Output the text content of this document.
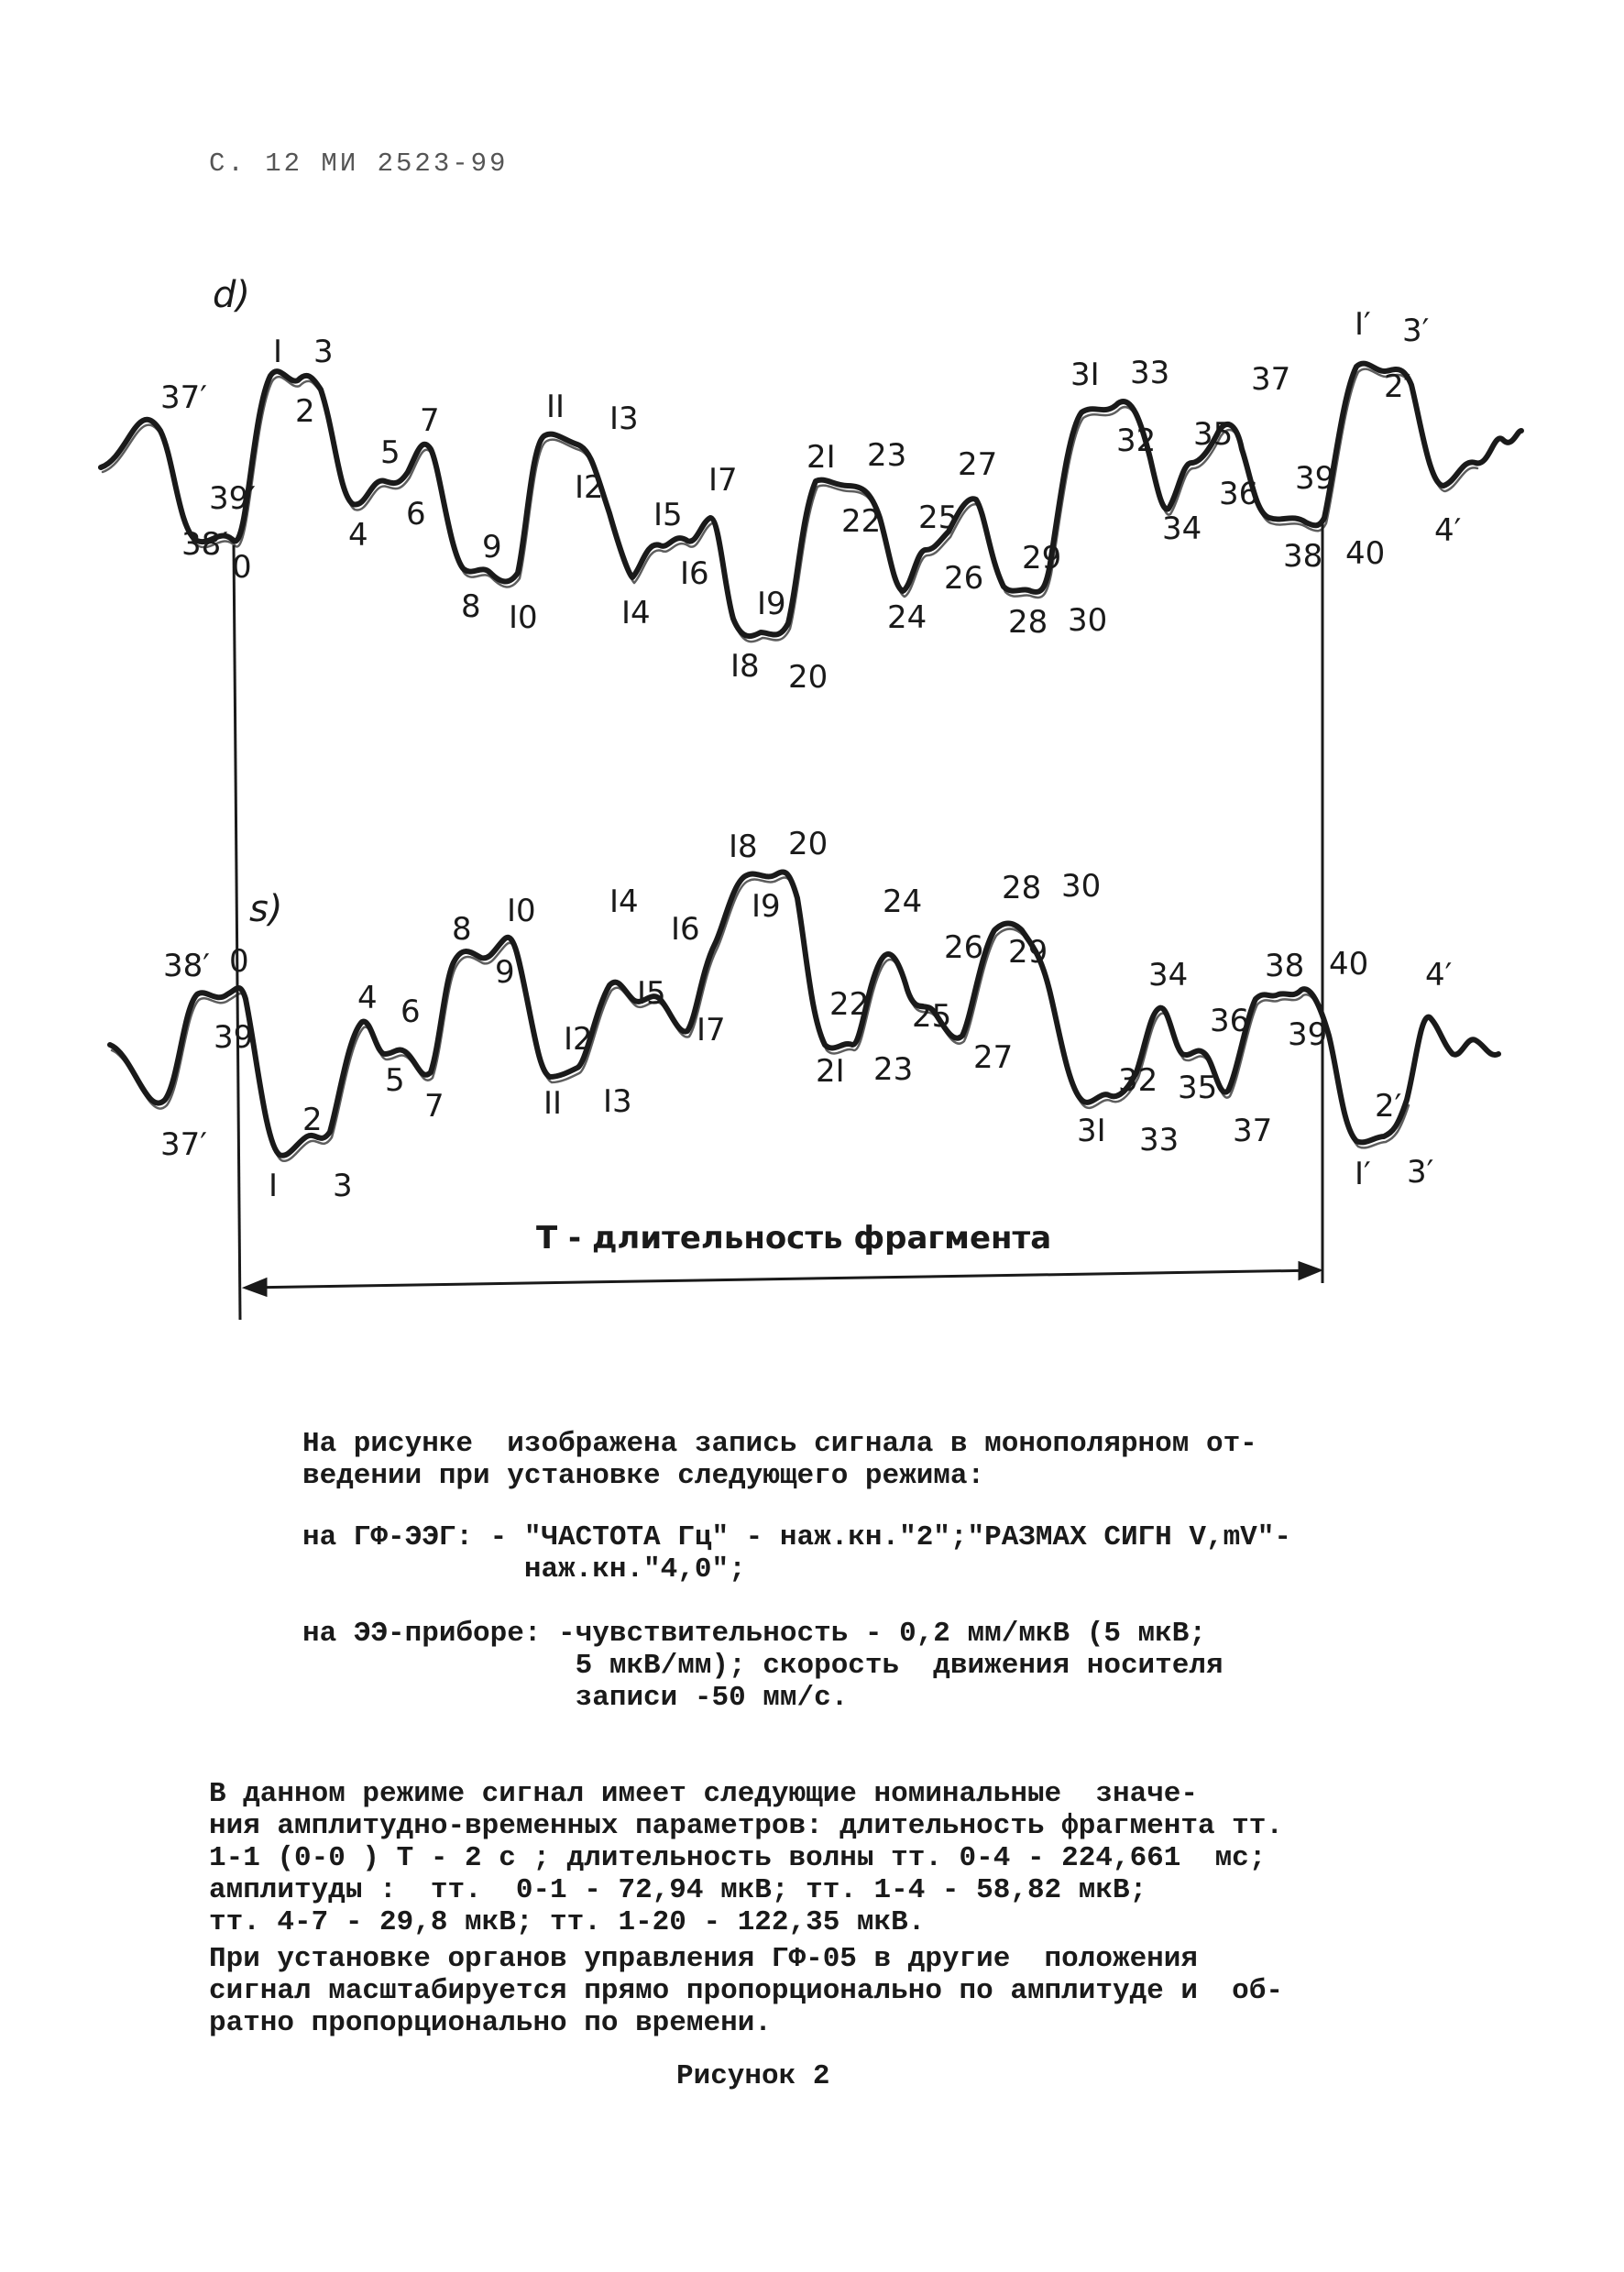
С. 12 МИ 2523-99
d)
s)
Т - длительность фрагмента
37′
38′
39′
0
I 3
2
4
5
6
7
8
9
I0
II I3
I2
I4
I5
I6
I7
I8
I9
20
2I 23
22
24
25
26
27
28
29
30
3I 33
32
34
35
36
37
38
39
40
I′ 3′
2′
4′
38′ 0
39
37′
I 3
2
4
5
6
7
8
9
I0
II I3
I2
I4
I5
I6
I7
I8 20
I9
2I 23
22
24
25
26
27
28
29
30
3I 33
32
34
35
36
37
38 40
39
2′
I′ 3′
4′
На рисунке  изображена запись сигнала в монополярном от-
ведении при установке следующего режима:
на ГФ-ЭЭГ: - "ЧАСТОТА Гц" - наж.кн."2";"РАЗМАХ СИГН V,mV"-
наж.кн."4,0";
на ЭЭ-приборе: -чувствительность - 0,2 мм/мкВ (5 мкВ;
5 мкВ/мм); скорость  движения носителя
записи -50 мм/с.
В данном режиме сигнал имеет следующие номинальные  значе-
ния амплитудно-временных параметров: длительность фрагмента тт.
1-1 (0-0 ) Т - 2 с ; длительность волны тт. 0-4 - 224,661  мс;
амплитуды :  тт.  0-1 - 72,94 мкВ; тт. 1-4 - 58,82 мкВ;
тт. 4-7 - 29,8 мкВ; тт. 1-20 - 122,35 мкВ.
При установке органов управления ГФ-05 в другие  положения
сигнал масштабируется прямо пропорционально по амплитуде и  об-
ратно пропорционально по времени.
Рисунок 2
